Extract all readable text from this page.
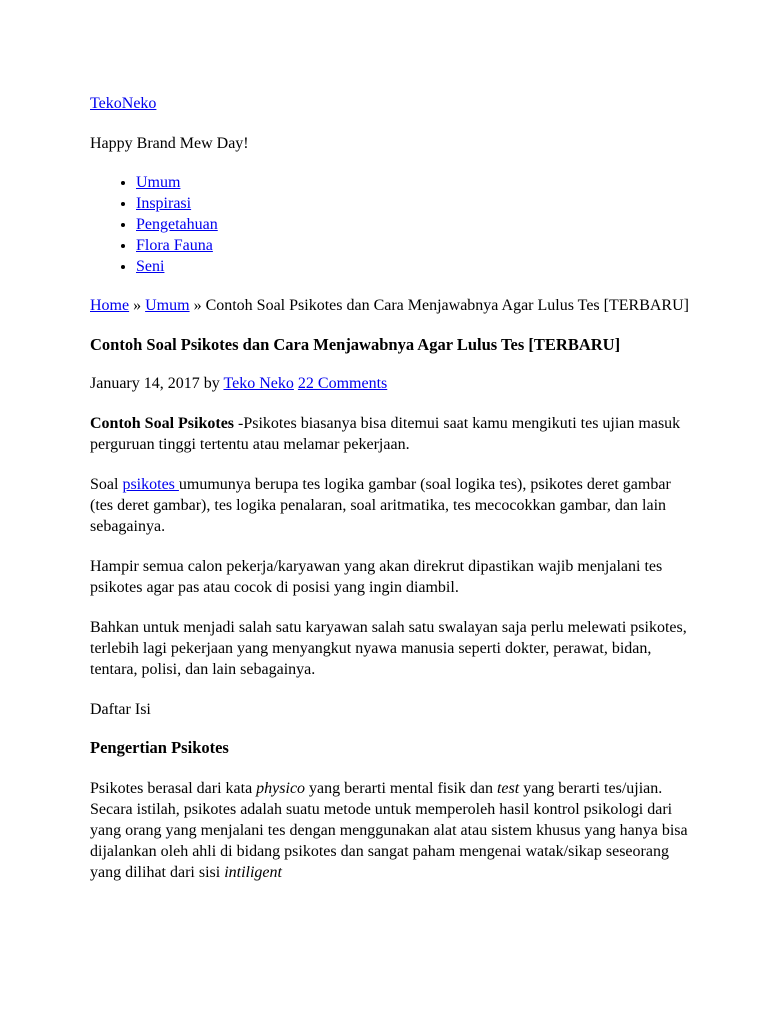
TekoNeko
Happy Brand Mew Day!
• Umum
• Inspirasi
• Pengetahuan
• Flora Fauna
• Seni
Home » Umum » Contoh Soal Psikotes dan Cara Menjawabnya Agar Lulus Tes [TERBARU]
Contoh Soal Psikotes dan Cara Menjawabnya Agar Lulus Tes [TERBARU]
January 14, 2017 by Teko Neko 22 Comments

Contoh Soal Psikotes -Psikotes biasanya bisa ditemui saat kamu mengikuti tes ujian masuk perguruan tinggi tertentu atau melamar pekerjaan.

Soal psikotes umumunya berupa tes logika gambar (soal logika tes), psikotes deret gambar (tes deret gambar), tes logika penalaran, soal aritmatika, tes mecocokkan gambar, dan lain sebagainya.

Hampir semua calon pekerja/karyawan yang akan direkrut dipastikan wajib menjalani tes psikotes agar pas atau cocok di posisi yang ingin diambil.

Bahkan untuk menjadi salah satu karyawan salah satu swalayan saja perlu melewati psikotes, terlebih lagi pekerjaan yang menyangkut nyawa manusia seperti dokter, perawat, bidan, tentara, polisi, dan lain sebagainya.

Daftar Isi

Pengertian Psikotes

Psikotes berasal dari kata physico yang berarti mental fisik dan test yang berarti tes/ujian. Secara istilah, psikotes adalah suatu metode untuk memperoleh hasil kontrol psikologi dari yang orang yang menjalani tes dengan menggunakan alat atau sistem khusus yang hanya bisa dijalankan oleh ahli di bidang psikotes dan sangat paham mengenai watak/sikap seseorang yang dilihat dari sisi intiligent
